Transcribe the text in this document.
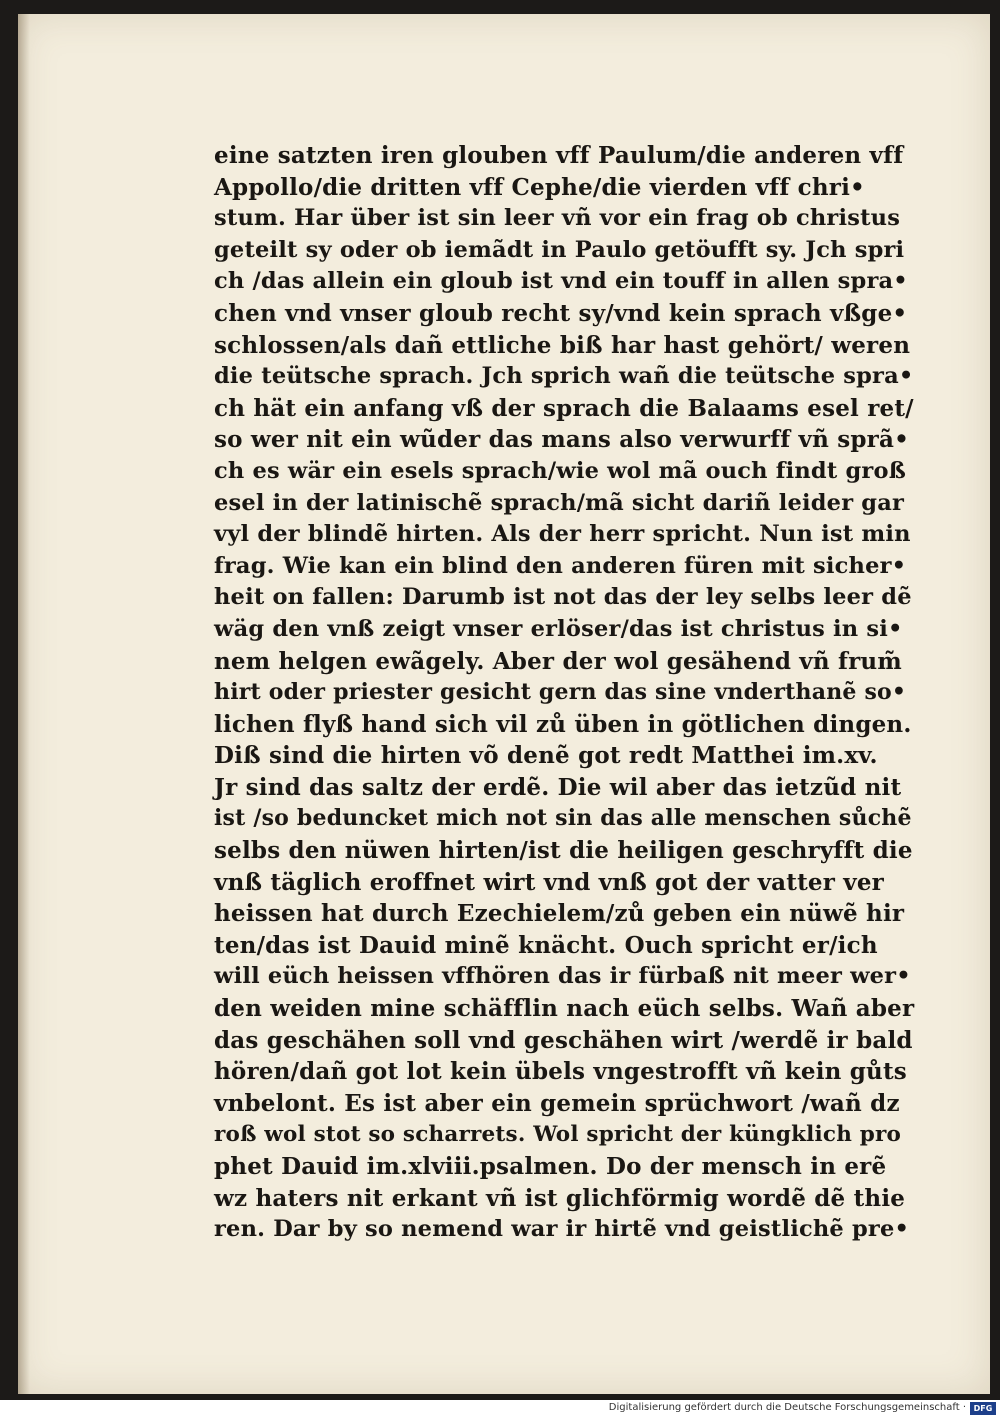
eine satzten iren glouben vff Paulum/die anderen vff
Appollo/die dritten vff Cephe/die vierden vff chri•
stum. Har über ist sin leer vñ vor ein frag ob christus
geteilt sy oder ob iemãdt in Paulo getöufft sy. Jch spri
ch /das allein ein gloub ist vnd ein touff in allen spra•
chen vnd vnser gloub recht sy/vnd kein sprach vßge•
schlossen/als dañ ettliche biß har hast gehört/ weren
die teütsche sprach. Jch sprich wañ die teütsche spra•
ch hät ein anfang vß der sprach die Balaams esel ret/
so wer nit ein wũder das mans also verwurff vñ sprã•
ch es wär ein esels sprach/wie wol mã ouch findt groß
esel in der latinischẽ sprach/mã sicht dariñ leider gar
vyl der blindẽ hirten. Als der herr spricht. Nun ist min
frag. Wie kan ein blind den anderen füren mit sicher•
heit on fallen: Darumb ist not das der ley selbs leer dẽ
wäg den vnß zeigt vnser erlöser/das ist christus in si•
nem helgen ewãgely. Aber der wol gesähend vñ frum̃
hirt oder priester gesicht gern das sine vnderthanẽ so•
lichen flyß hand sich vil zů üben in götlichen dingen.
Diß sind die hirten võ denẽ got redt Matthei im.xv.
Jr sind das saltz der erdẽ. Die wil aber das ietzũd nit
ist /so beduncket mich not sin das alle menschen sůchẽ
selbs den nüwen hirten/ist die heiligen geschryfft die
vnß täglich eroffnet wirt vnd vnß got der vatter ver
heissen hat durch Ezechielem/zů geben ein nüwẽ hir
ten/das ist Dauid minẽ knächt. Ouch spricht er/ich
will eüch heissen vffhören das ir fürbaß nit meer wer•
den weiden mine schäfflin nach eüch selbs. Wañ aber
das geschähen soll vnd geschähen wirt /werdẽ ir bald
hören/dañ got lot kein übels vngestrofft vñ kein gůts
vnbelont. Es ist aber ein gemein sprüchwort /wañ dz
roß wol stot so scharrets. Wol spricht der küngklich pro
phet Dauid im.xlviii.psalmen. Do der mensch in erẽ
wz haters nit erkant vñ ist glichförmig wordẽ dẽ thie
ren. Dar by so nemend war ir hirtẽ vnd geistlichẽ pre•
Digitalisierung gefördert durch die Deutsche Forschungsgemeinschaft · DFG
